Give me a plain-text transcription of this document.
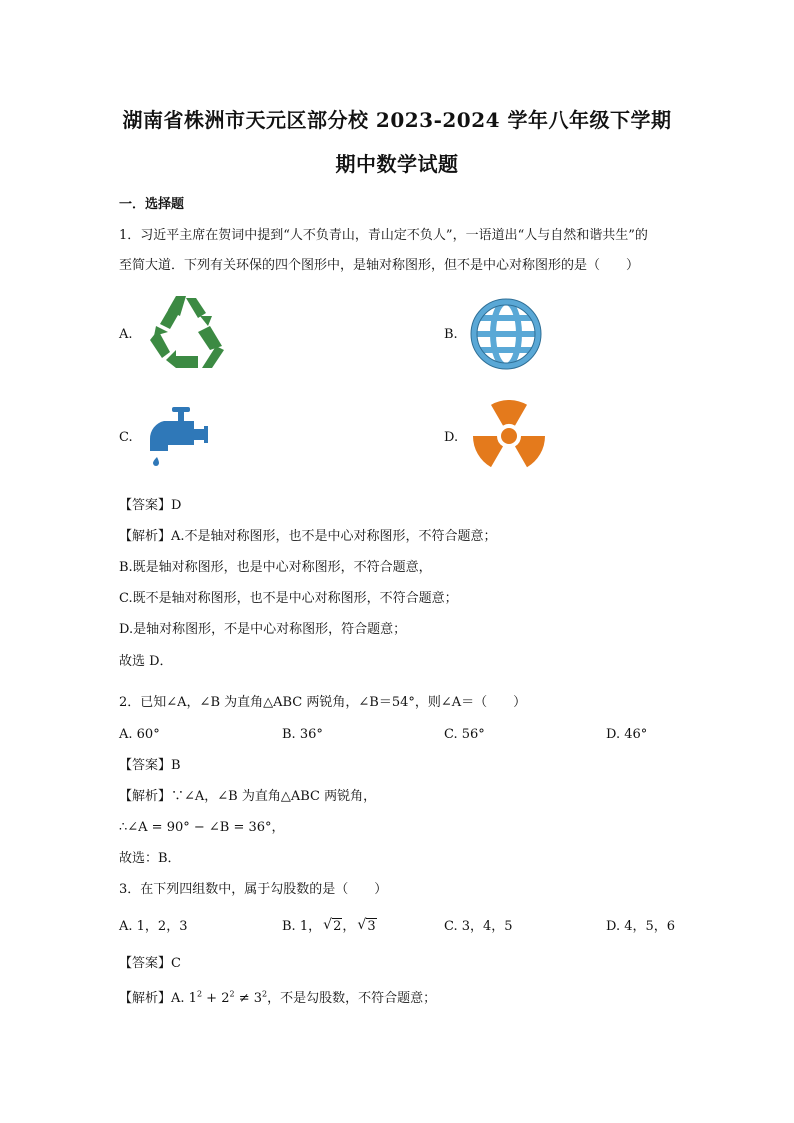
湖南省株洲市天元区部分校 2023-2024 学年八年级下学期
期中数学试题
一．选择题
1．习近平主席在贺词中提到“人不负青山，青山定不负人”，一语道出“人与自然和谐共生”的
至简大道．下列有关环保的四个图形中，是轴对称图形，但不是中心对称图形的是（　　）
A.	B.
C.	D.
【答案】D
【解析】A.不是轴对称图形，也不是中心对称图形，不符合题意；
B.既是轴对称图形，也是中心对称图形，不符合题意，
C.既不是轴对称图形，也不是中心对称图形，不符合题意；
D.是轴对称图形，不是中心对称图形，符合题意；
故选 D．
2．已知∠A，∠B 为直角△ABC 两锐角，∠B＝54°，则∠A＝（　　）
A. 60°	B. 36°	C. 56°	D. 46°
【答案】B
【解析】∵∠A，∠B 为直角△ABC 两锐角，
∴∠A = 90° − ∠B = 36°，
故选：B．
3．在下列四组数中，属于勾股数的是（　　）
A. 1，2，3	B. 1， √ 2， √ 3	C. 3，4，5	D. 4，5，6
【答案】C
【解析】A. $1^2 + 2^2 \ne 3^2$，不是勾股数，不符合题意；
